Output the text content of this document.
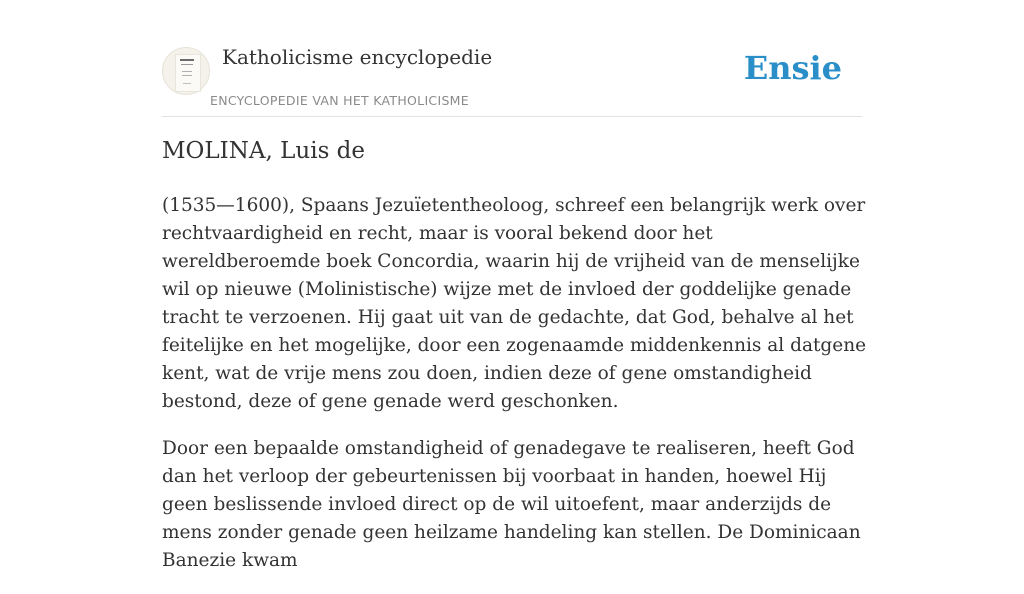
Katholicisme encyclopedie
ENCYCLOPEDIE VAN HET KATHOLICISME
Ensie
MOLINA, Luis de

(1535—1600), Spaans Jezuïetentheoloog, schreef een belangrijk werk over rechtvaardigheid en recht, maar is vooral bekend door het wereldberoemde boek Concordia, waarin hij de vrijheid van de menselijke wil op nieuwe (Molinistische) wijze met de invloed der goddelijke genade tracht te verzoenen. Hij gaat uit van de gedachte, dat God, behalve al het feitelijke en het mogelijke, door een zogenaamde middenkennis al datgene kent, wat de vrije mens zou doen, indien deze of gene omstandigheid bestond, deze of gene genade werd geschonken.

Door een bepaalde omstandigheid of genadegave te realiseren, heeft God dan het verloop der gebeurtenissen bij voorbaat in handen, hoewel Hij geen beslissende invloed direct op de wil uitoefent, maar anderzijds de mens zonder genade geen heilzame handeling kan stellen. De Dominicaan Banezie kwam
